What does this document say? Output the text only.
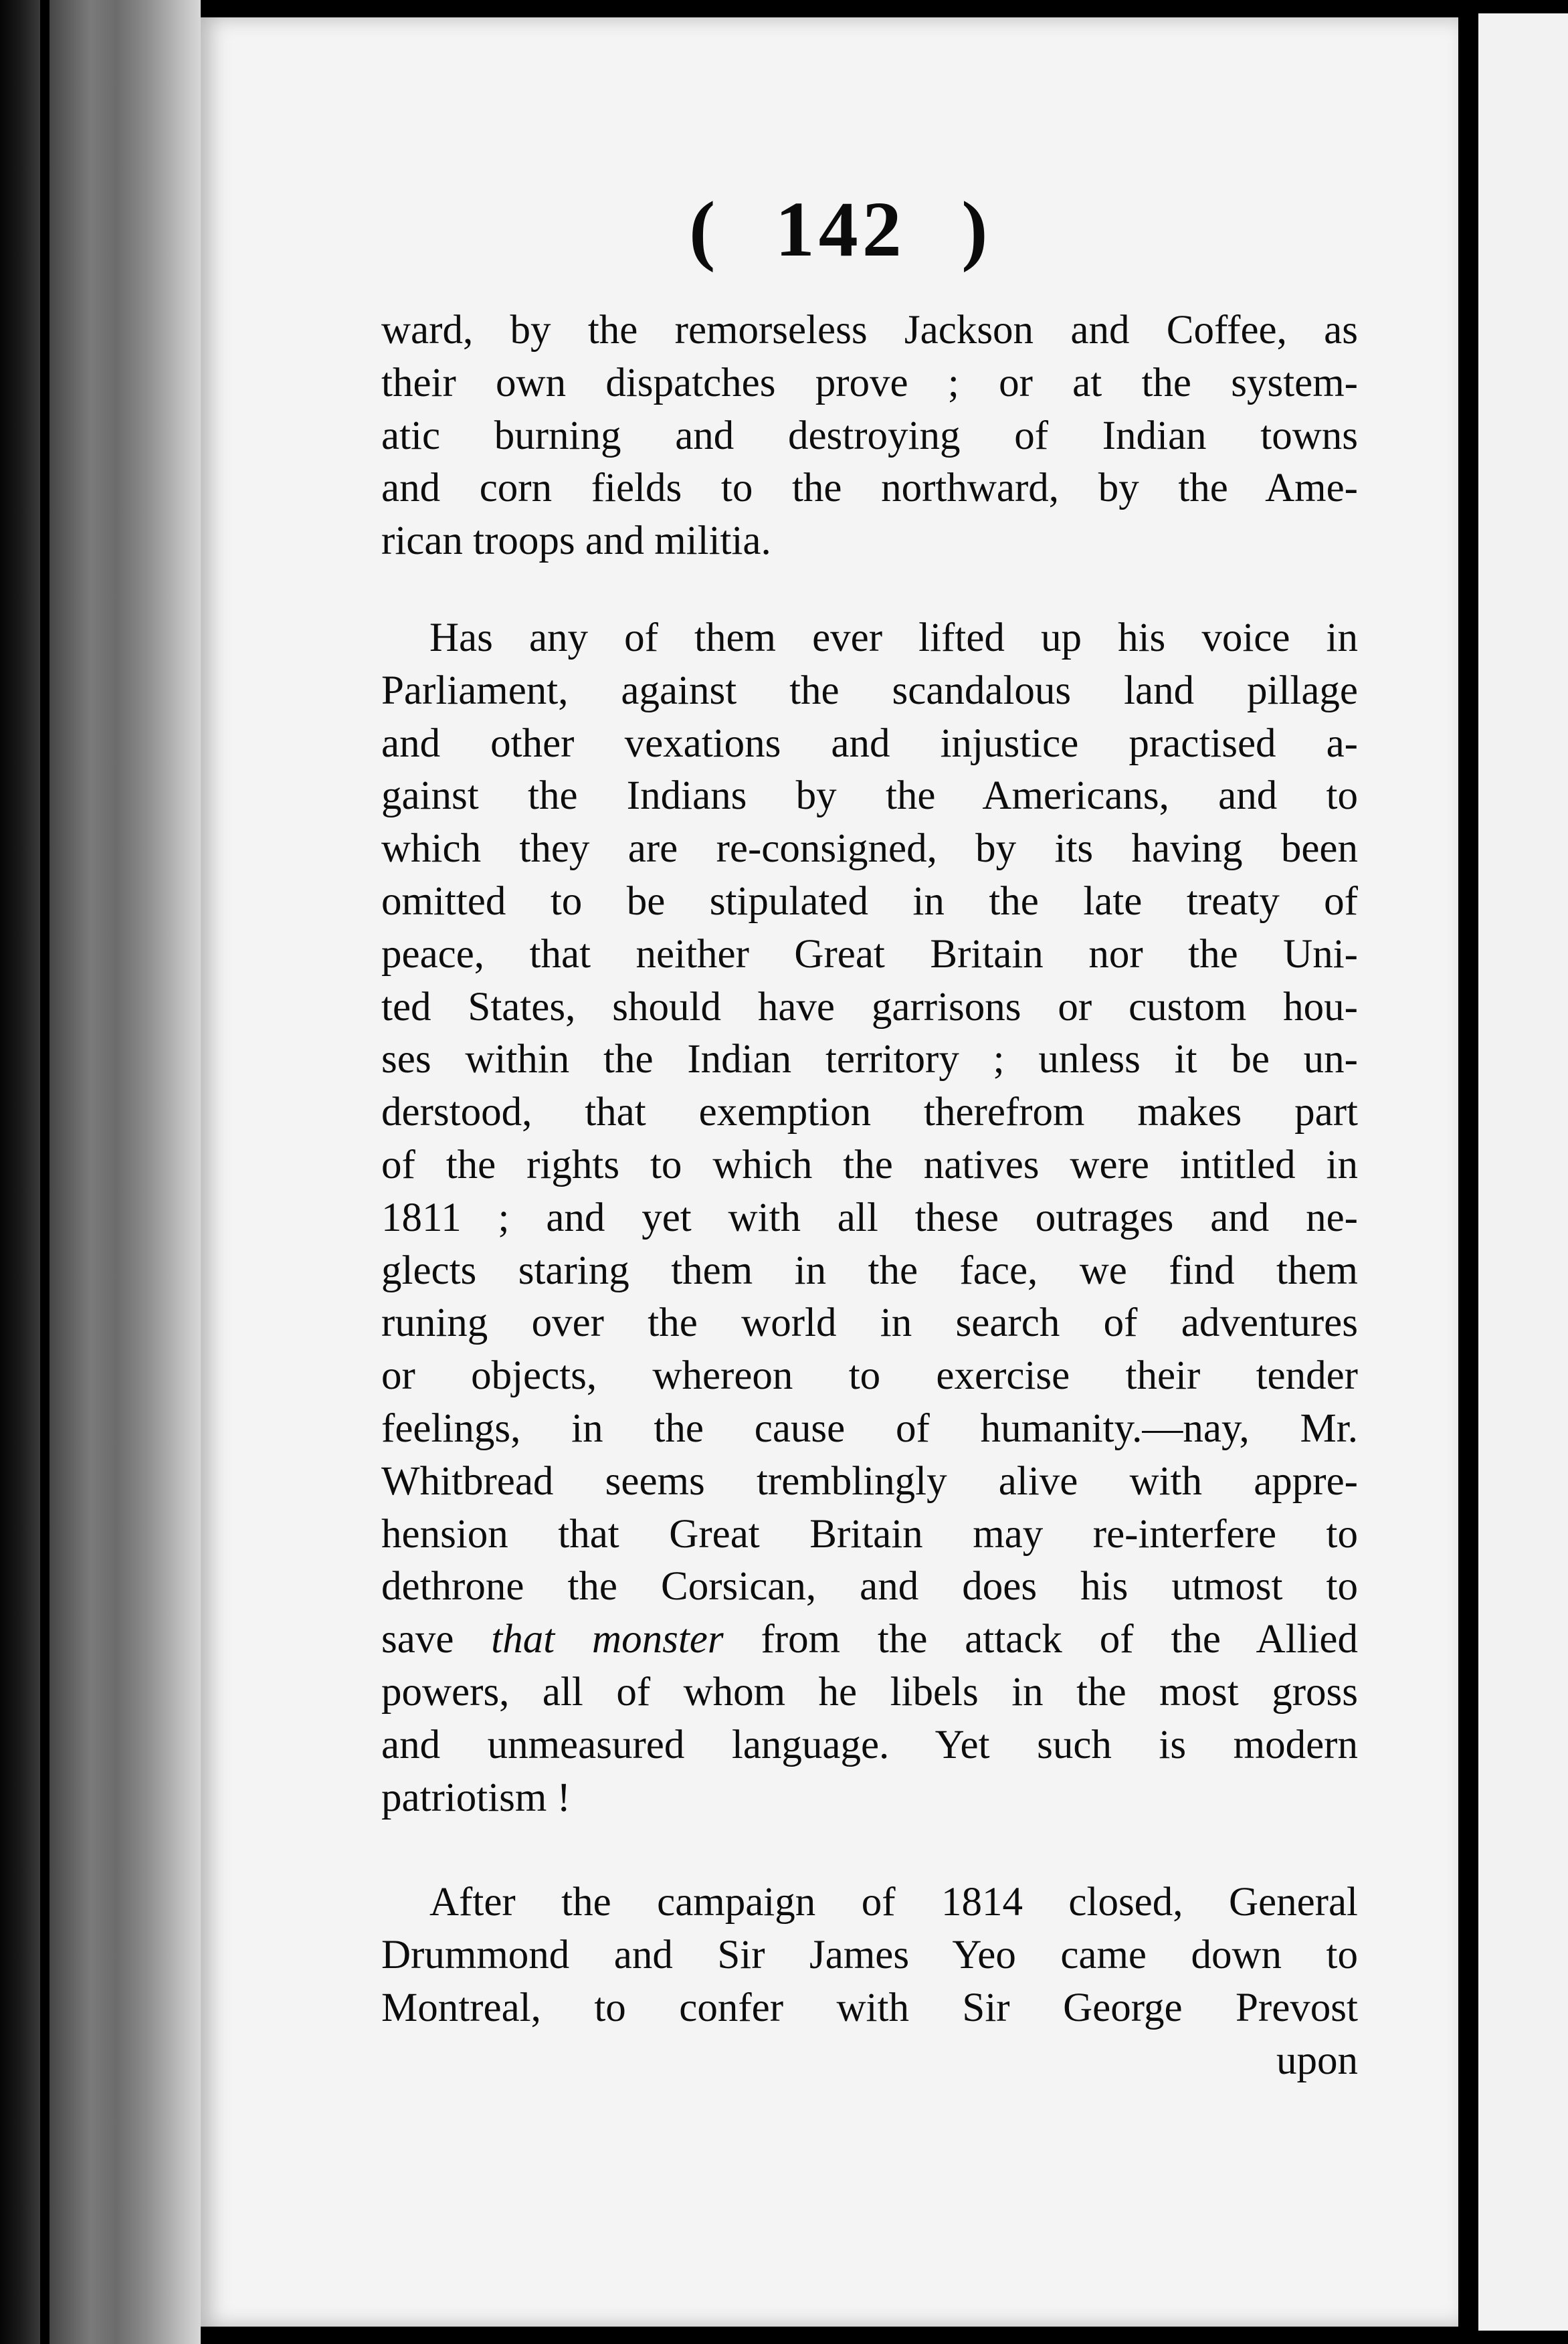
( 142 )
ward, by the remorseless Jackson and Coffee, as
their own dispatches prove ; or at the system-
atic burning and destroying of Indian towns
and corn fields to the northward, by the Ame-
rican troops and militia.
Has any of them ever lifted up his voice in
Parliament, against the scandalous land pillage
and other vexations and injustice practised a-
gainst the Indians by the Americans, and to
which they are re-consigned, by its having been
omitted to be stipulated in the late treaty of
peace, that neither Great Britain nor the Uni-
ted States, should have garrisons or custom hou-
ses within the Indian territory ; unless it be un-
derstood, that exemption therefrom makes part
of the rights to which the natives were intitled in
1811 ; and yet with all these outrages and ne-
glects staring them in the face, we find them
runing over the world in search of adventures
or objects, whereon to exercise their tender
feelings, in the cause of humanity.—nay, Mr.
Whitbread seems tremblingly alive with appre-
hension that Great Britain may re-interfere to
dethrone the Corsican, and does his utmost to
save that monster from the attack of the Allied
powers, all of whom he libels in the most gross
and unmeasured language. Yet such is modern
patriotism !
After the campaign of 1814 closed, General
Drummond and Sir James Yeo came down to
Montreal, to confer with Sir George Prevost
upon
